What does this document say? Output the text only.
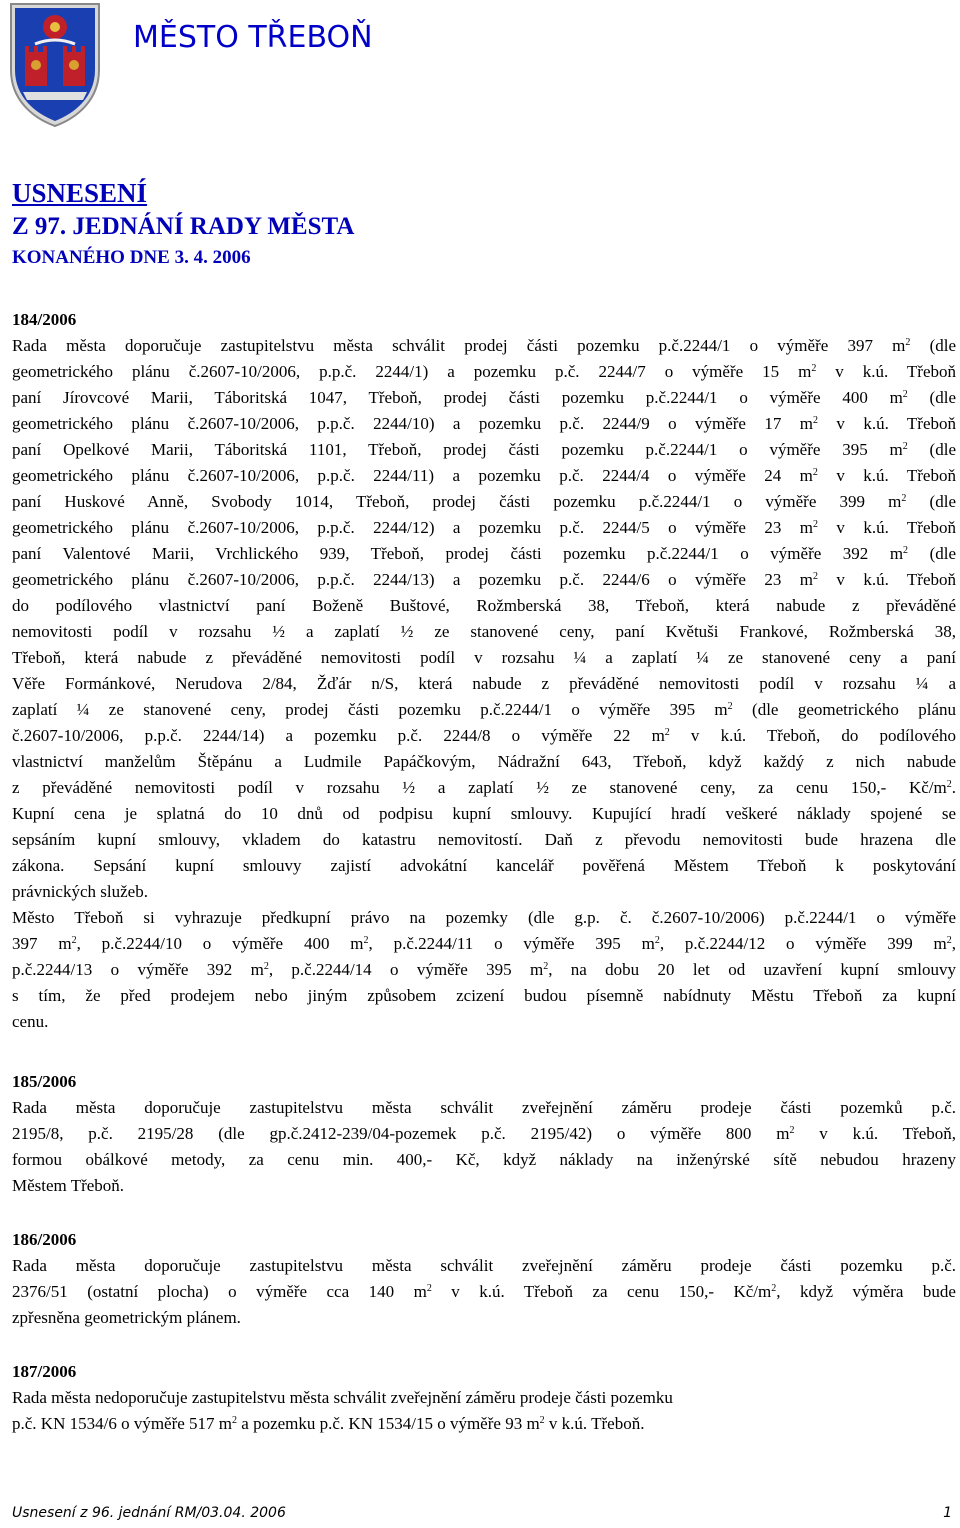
MĚSTO TŘEBOŇ
USNESENÍ
Z 97. JEDNÁNÍ RADY MĚSTA
KONANÉHO DNE 3. 4. 2006
184/2006
Rada města doporučuje zastupitelstvu města schválit prodej části pozemku p.č.2244/1 o výměře 397 $m^2$ (dle
geometrického plánu č.2607-10/2006, p.p.č. 2244/1) a pozemku p.č. 2244/7 o výměře 15 $m^2$ v k.ú. Třeboň
paní Jírovcové Marii, Táboritská 1047, Třeboň, prodej části pozemku p.č.2244/1 o výměře 400 $m^2$ (dle
geometrického plánu č.2607-10/2006, p.p.č. 2244/10) a pozemku p.č. 2244/9 o výměře 17 $m^2$ v k.ú. Třeboň
paní Opelkové Marii, Táboritská 1101, Třeboň, prodej části pozemku p.č.2244/1 o výměře 395 $m^2$ (dle
geometrického plánu č.2607-10/2006, p.p.č. 2244/11) a pozemku p.č. 2244/4 o výměře 24 $m^2$ v k.ú. Třeboň
paní Huskové Anně, Svobody 1014, Třeboň, prodej části pozemku p.č.2244/1 o výměře 399 $m^2$ (dle
geometrického plánu č.2607-10/2006, p.p.č. 2244/12) a pozemku p.č. 2244/5 o výměře 23 $m^2$ v k.ú. Třeboň
paní Valentové Marii, Vrchlického 939, Třeboň, prodej části pozemku p.č.2244/1 o výměře 392 $m^2$ (dle
geometrického plánu č.2607-10/2006, p.p.č. 2244/13) a pozemku p.č. 2244/6 o výměře 23 $m^2$ v k.ú. Třeboň
do podílového vlastnictví paní Boženě Buštové, Rožmberská 38, Třeboň, která nabude z převáděné
nemovitosti podíl v rozsahu ½ a zaplatí ½ ze stanovené ceny, paní Květuši Frankové, Rožmberská 38,
Třeboň, která nabude z převáděné nemovitosti podíl v rozsahu ¼ a zaplatí ¼ ze stanovené ceny a paní
Věře Formánkové, Nerudova 2/84, Žďár n/S, která nabude z převáděné nemovitosti podíl v rozsahu ¼ a
zaplatí ¼ ze stanovené ceny, prodej části pozemku p.č.2244/1 o výměře 395 $m^2$ (dle geometrického plánu
č.2607-10/2006, p.p.č. 2244/14) a pozemku p.č. 2244/8 o výměře 22 $m^2$ v k.ú. Třeboň, do podílového
vlastnictví manželům Štěpánu a Ludmile Papáčkovým, Nádražní 643, Třeboň, když každý z nich nabude
z převáděné nemovitosti podíl v rozsahu ½ a zaplatí ½ ze stanovené ceny, za cenu 150,- $Kč/m^2$.
Kupní cena je splatná do 10 dnů od podpisu kupní smlouvy. Kupující hradí veškeré náklady spojené se
sepsáním kupní smlouvy, vkladem do katastru nemovitostí. Daň z převodu nemovitosti bude hrazena dle
zákona. Sepsání kupní smlouvy zajistí advokátní kancelář pověřená Městem Třeboň k poskytování
právnických služeb.
Město Třeboň si vyhrazuje předkupní právo na pozemky (dle g.p. č. č.2607-10/2006) p.č.2244/1 o výměře
397 $m^2$, p.č.2244/10 o výměře 400 $m^2$, p.č.2244/11 o výměře 395 $m^2$, p.č.2244/12 o výměře 399 $m^2$,
p.č.2244/13 o výměře 392 $m^2$, p.č.2244/14 o výměře 395 $m^2$, na dobu 20 let od uzavření kupní smlouvy
s tím, že před prodejem nebo jiným způsobem zcizení budou písemně nabídnuty Městu Třeboň za kupní
cenu.
185/2006
Rada města doporučuje zastupitelstvu města schválit zveřejnění záměru prodeje části pozemků p.č.
2195/8, p.č. 2195/28 (dle gp.č.2412-239/04-pozemek p.č. 2195/42) o výměře 800 $m^2$ v k.ú. Třeboň,
formou obálkové metody, za cenu min. 400,- Kč, když náklady na inženýrské sítě nebudou hrazeny
Městem Třeboň.
186/2006
Rada města doporučuje zastupitelstvu města schválit zveřejnění záměru prodeje části pozemku p.č.
2376/51 (ostatní plocha) o výměře cca 140 $m^2$ v k.ú. Třeboň za cenu 150,- $Kč/m^2$, když výměra bude
zpřesněna geometrickým plánem.
187/2006
Rada města nedoporučuje zastupitelstvu města schválit zveřejnění záměru prodeje části pozemku
p.č. KN 1534/6 o výměře 517 $m^2$ a pozemku p.č. KN 1534/15 o výměře 93 $m^2$ v k.ú. Třeboň.
Usnesení z 96. jednání RM/03.04. 2006	1
